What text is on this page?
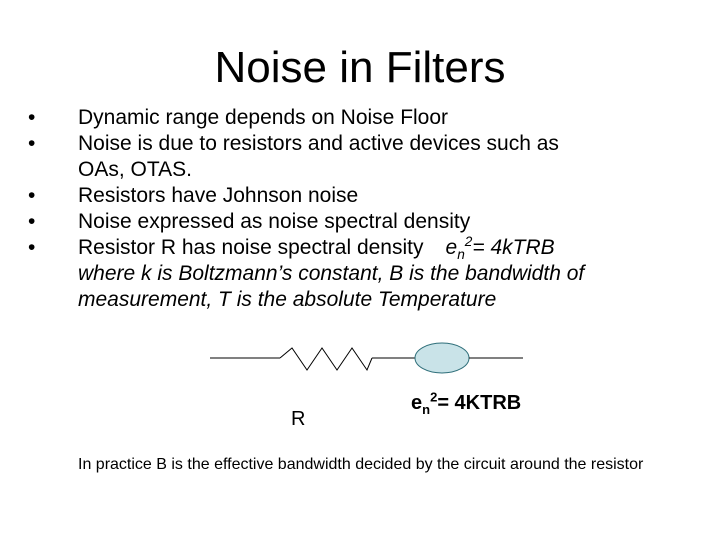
Noise in Filters
•	Dynamic range depends on Noise Floor
•	Noise is due to resistors and active devices such as
OAs, OTAS.
•	Resistors have Johnson noise
•	Noise expressed as noise spectral density
•	Resistor R has noise spectral density $e_n^2=$ 4kTRB
where k is Boltzmann’s constant, B is the bandwidth of
measurement, T is the absolute Temperature
R
$e_n^2=$ 4KTRB
In practice B is the effective bandwidth decided by the circuit around the resistor
